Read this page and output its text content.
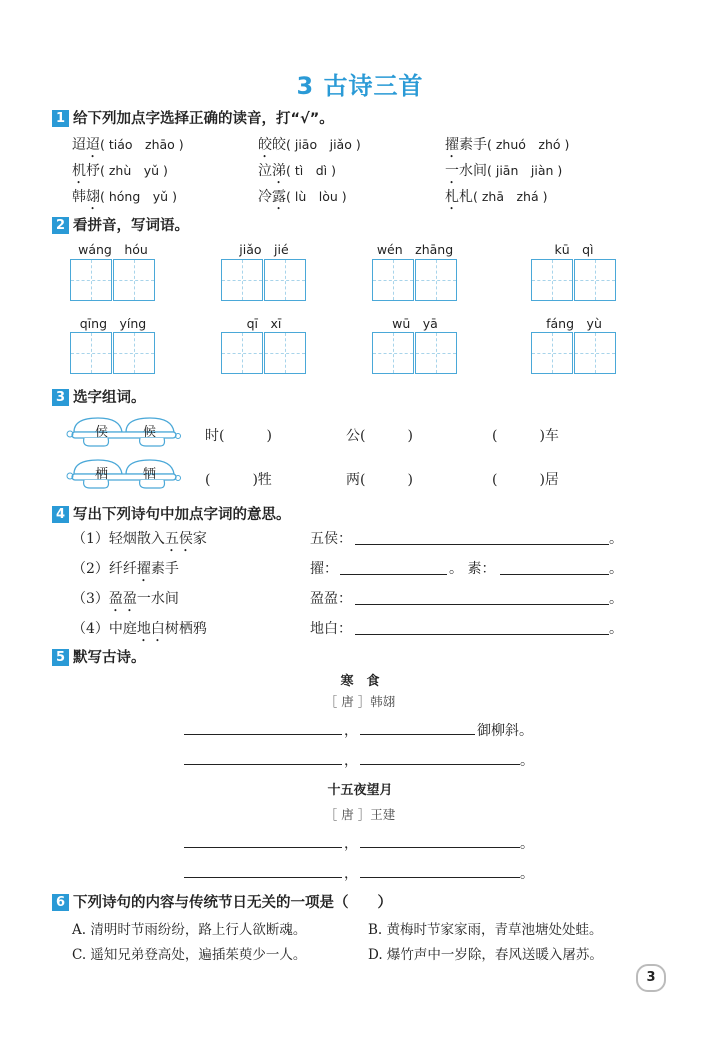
3 古诗三首
1 给下列加点字选择正确的读音，打“√”。
迢迢( tiáo　zhāo )	皎皎( jiāo　jiǎo )	擢素手( zhuó　zhó )
机杼( zhù　yǔ )	泣涕( tì　dì )	一水间( jiān　jiàn )
韩翃( hóng　yǔ )	冷露( lù　lòu )	札札( zhā　zhá )
2 看拼音，写词语。
wáng　hóu	jiǎo　jié	wén　zhāng	kū　qì
qīng　yíng	qī　xī	wū　yā	fáng　yù
3 选字组词。
侯	候	时(　　　)	公(　　　)	(　　　)车
栖	牺	(　　　)牲	两(　　　)	(　　　)居
4 写出下列诗句中加点字词的意思。
（1）轻烟散入五侯家	五侯：	。
（2）纤纤擢素手	擢：	。 素：	。
（3）盈盈一水间	盈盈：	。
（4）中庭地白树栖鸦	地白：	。
5 默写古诗。
寒　食
［ 唐 ］韩翃
，	御柳斜。
，	。
十五夜望月
［ 唐 ］王建
，	。
，	。
6 下列诗句的内容与传统节日无关的一项是（　　）
A. 清明时节雨纷纷，路上行人欲断魂。	B. 黄梅时节家家雨，青草池塘处处蛙。
C. 遥知兄弟登高处，遍插茱萸少一人。	D. 爆竹声中一岁除，春风送暖入屠苏。
3
